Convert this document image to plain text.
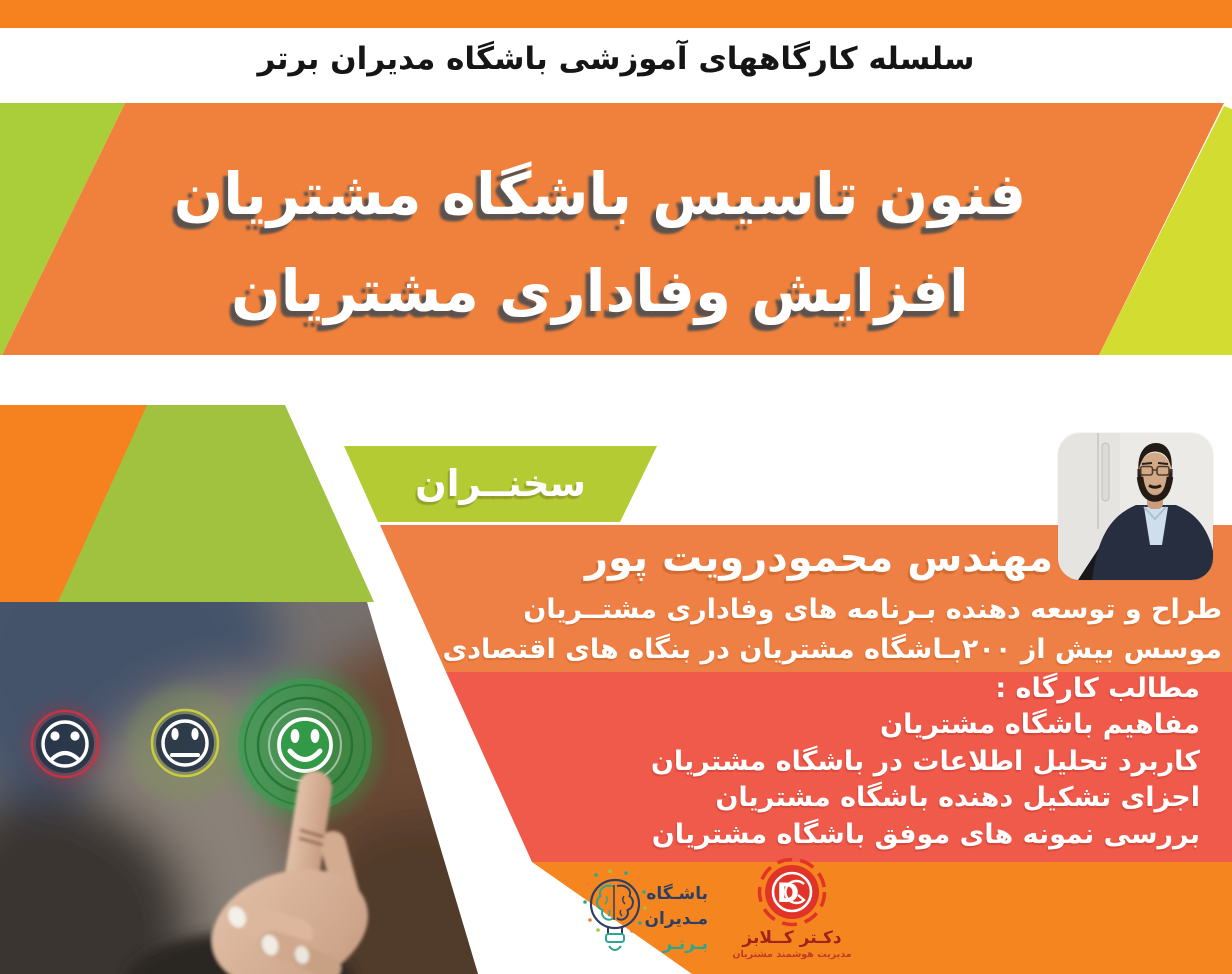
سلسله کارگاههای آموزشی باشگاه مدیران برتر
فنون تاسیس باشگاه مشتریان
افزایش وفاداری مشتریان
سخنــران
مهندس محمودرویت پور
طراح و توسعه دهنده بـرنامه های وفاداری مشتــریان
موسس بیش از ۲۰۰بـاشگاه مشتریان در بنگاه های اقتصادی
مطالب کارگاه :
مفاهیم باشگاه مشتریان
کاربرد تحلیل اطلاعات در باشگاه مشتریان
اجزای تشکیل دهنده باشگاه مشتریان
بررسی نمونه های موفق باشگاه مشتریان
باشـگاه
مـدیران
بـرتـر
D
دکـتر کــلابز
مدیریت هوشمند مشتریان
